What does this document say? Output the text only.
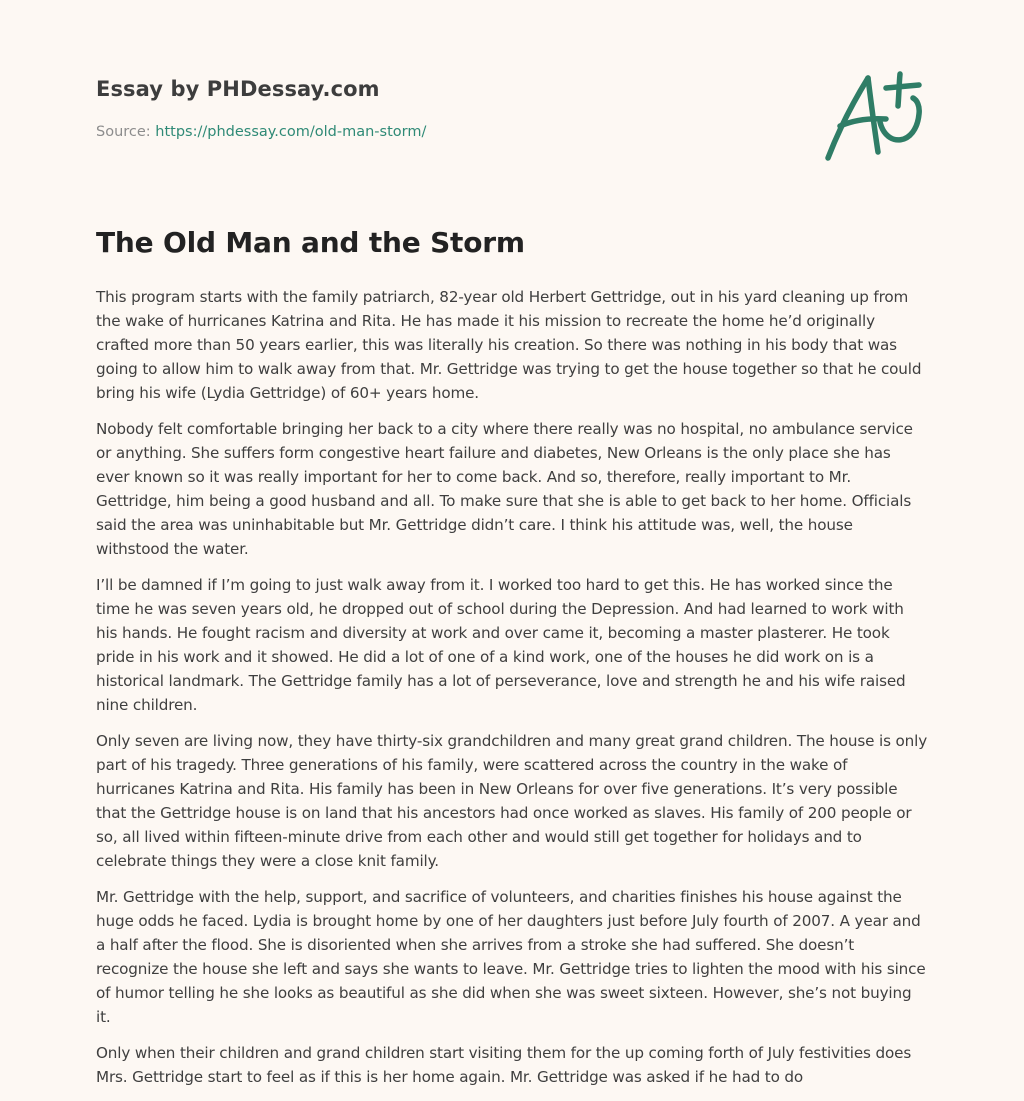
Essay by PHDessay.com
Source: https://phdessay.com/old-man-storm/
The Old Man and the Storm

This program starts with the family patriarch, 82-year old Herbert Gettridge, out in his yard cleaning up from the wake of hurricanes Katrina and Rita. He has made it his mission to recreate the home he’d originally crafted more than 50 years earlier, this was literally his creation. So there was nothing in his body that was going to allow him to walk away from that. Mr. Gettridge was trying to get the house together so that he could bring his wife (Lydia Gettridge) of 60+ years home.

Nobody felt comfortable bringing her back to a city where there really was no hospital, no ambulance service or anything. She suffers form congestive heart failure and diabetes, New Orleans is the only place she has ever known so it was really important for her to come back. And so, therefore, really important to Mr. Gettridge, him being a good husband and all. To make sure that she is able to get back to her home. Officials said the area was uninhabitable but Mr. Gettridge didn’t care. I think his attitude was, well, the house withstood the water.

I’ll be damned if I’m going to just walk away from it. I worked too hard to get this. He has worked since the time he was seven years old, he dropped out of school during the Depression. And had learned to work with his hands. He fought racism and diversity at work and over came it, becoming a master plasterer. He took pride in his work and it showed. He did a lot of one of a kind work, one of the houses he did work on is a historical landmark. The Gettridge family has a lot of perseverance, love and strength he and his wife raised nine children.

Only seven are living now, they have thirty-six grandchildren and many great grand children. The house is only part of his tragedy. Three generations of his family, were scattered across the country in the wake of hurricanes Katrina and Rita. His family has been in New Orleans for over five generations. It’s very possible that the Gettridge house is on land that his ancestors had once worked as slaves. His family of 200 people or so, all lived within fifteen-minute drive from each other and would still get together for holidays and to celebrate things they were a close knit family.

Mr. Gettridge with the help, support, and sacrifice of volunteers, and charities finishes his house against the huge odds he faced. Lydia is brought home by one of her daughters just before July fourth of 2007. A year and a half after the flood. She is disoriented when she arrives from a stroke she had suffered. She doesn’t recognize the house she left and says she wants to leave. Mr. Gettridge tries to lighten the mood with his since of humor telling he she looks as beautiful as she did when she was sweet sixteen. However, she’s not buying it.

Only when their children and grand children start visiting them for the up coming forth of July festivities does Mrs. Gettridge start to feel as if this is her home again. Mr. Gettridge was asked if he had to do
